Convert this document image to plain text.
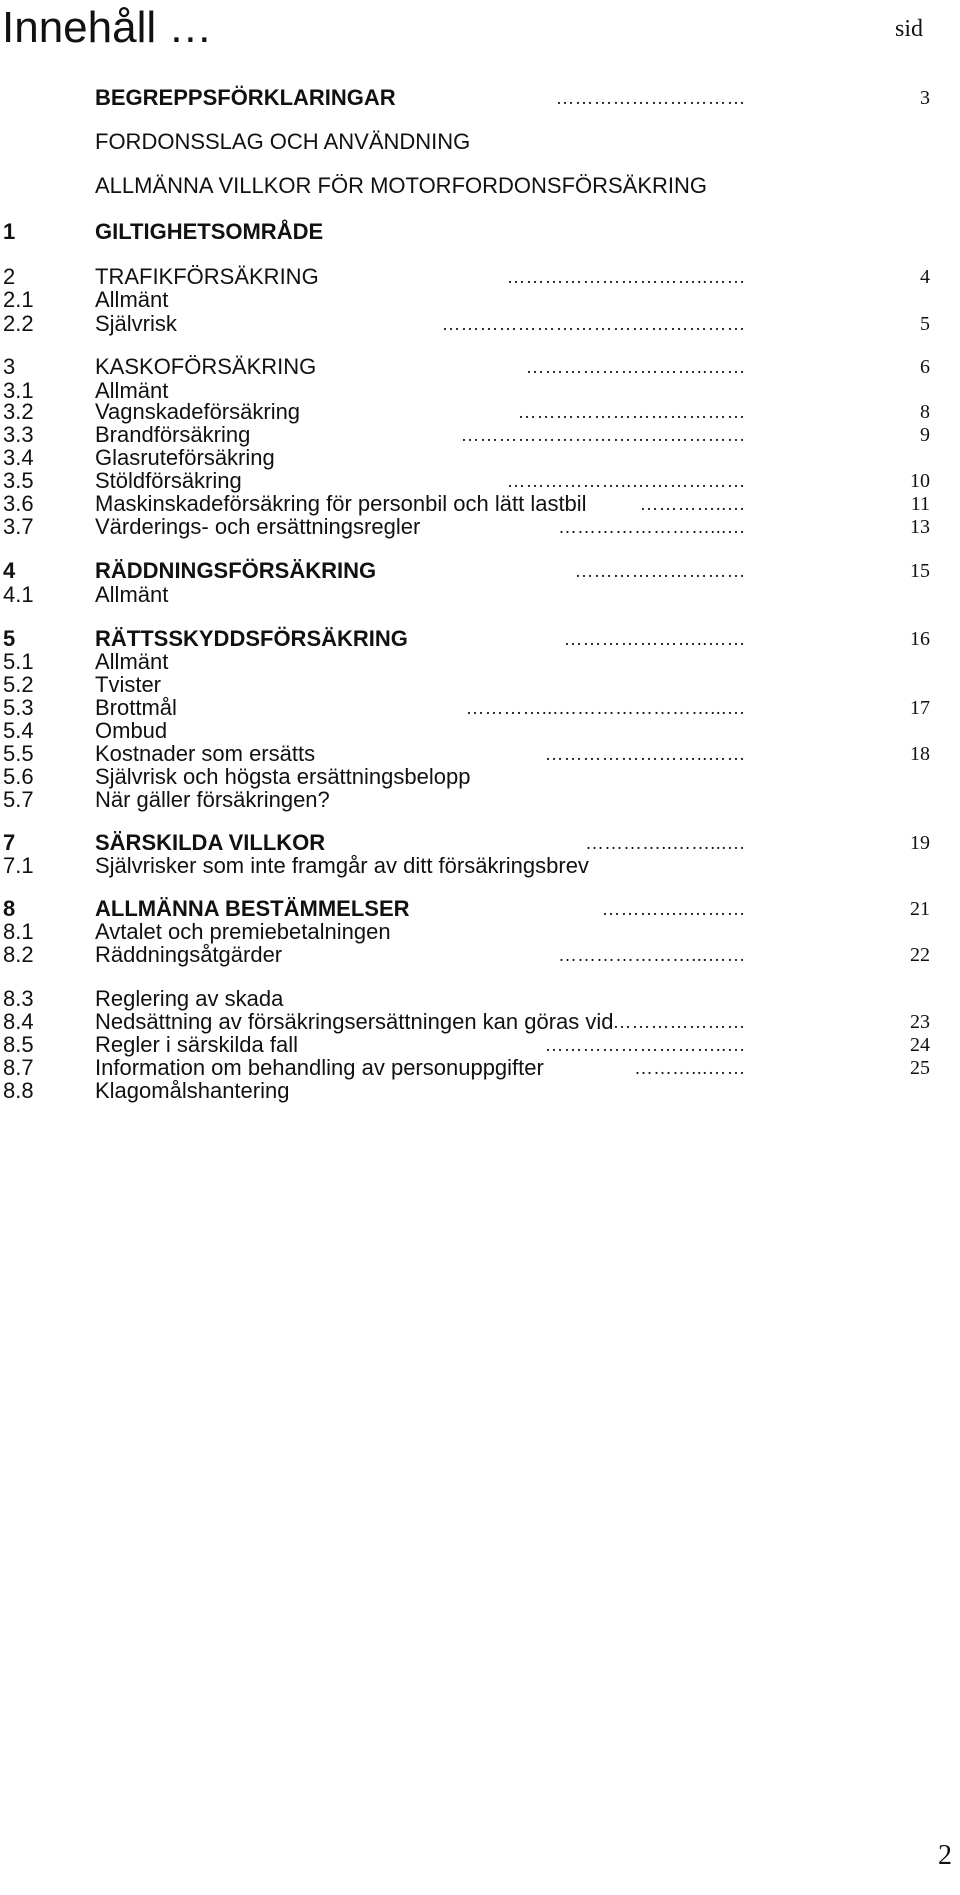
Innehåll …	sid
BEGREPPSFÖRKLARINGAR	…………………………	3
FORDONSSLAG OCH ANVÄNDNING
ALLMÄNNA VILLKOR FÖR MOTORFORDONSFÖRSÄKRING
1	GILTIGHETSOMRÅDE
2	TRAFIKFÖRSÄKRING	…………………………..……	4
2.1	Allmänt
2.2	Självrisk	…………………………………………	5
3	KASKOFÖRSÄKRING	………………………..……	6
3.1	Allmänt
3.2	Vagnskadeförsäkring	………………………………	8
3.3	Brandförsäkring	………………………………………	9
3.4	Glasruteförsäkring
3.5	Stöldförsäkring	………………..………………	10
3.6	Maskinskadeförsäkring för personbil och lätt lastbil	…………..…	11
3.7	Värderings- och ersättningsregler	……………………...…	13
4	RÄDDNINGSFÖRSÄKRING	………………………	15
4.1	Allmänt
5	RÄTTSSKYDDSFÖRSÄKRING	…………………..……	16
5.1	Allmänt
5.2	Tvister
5.3	Brottmål	…………...……………………...…	17
5.4	Ombud
5.5	Kostnader som ersätts	……………………..……	18
5.6	Självrisk och högsta ersättningsbelopp
5.7	När gäller försäkringen?
7	SÄRSKILDA VILLKOR	…………..……...…	19
7.1	Självrisker som inte framgår av ditt försäkringsbrev
8	ALLMÄNNA BESTÄMMELSER	…………..………	21
8.1	Avtalet och premiebetalningen
8.2	Räddningsåtgärder	…………………...……	22
8.3	Reglering av skada
8.4	Nedsättning av försäkringsersättningen kan göras vid …………………	23
8.5	Regler i särskilda fall	………………………..…	24
8.7	Information om behandling av personuppgifter	………...……	25
8.8	Klagomålshantering
2
